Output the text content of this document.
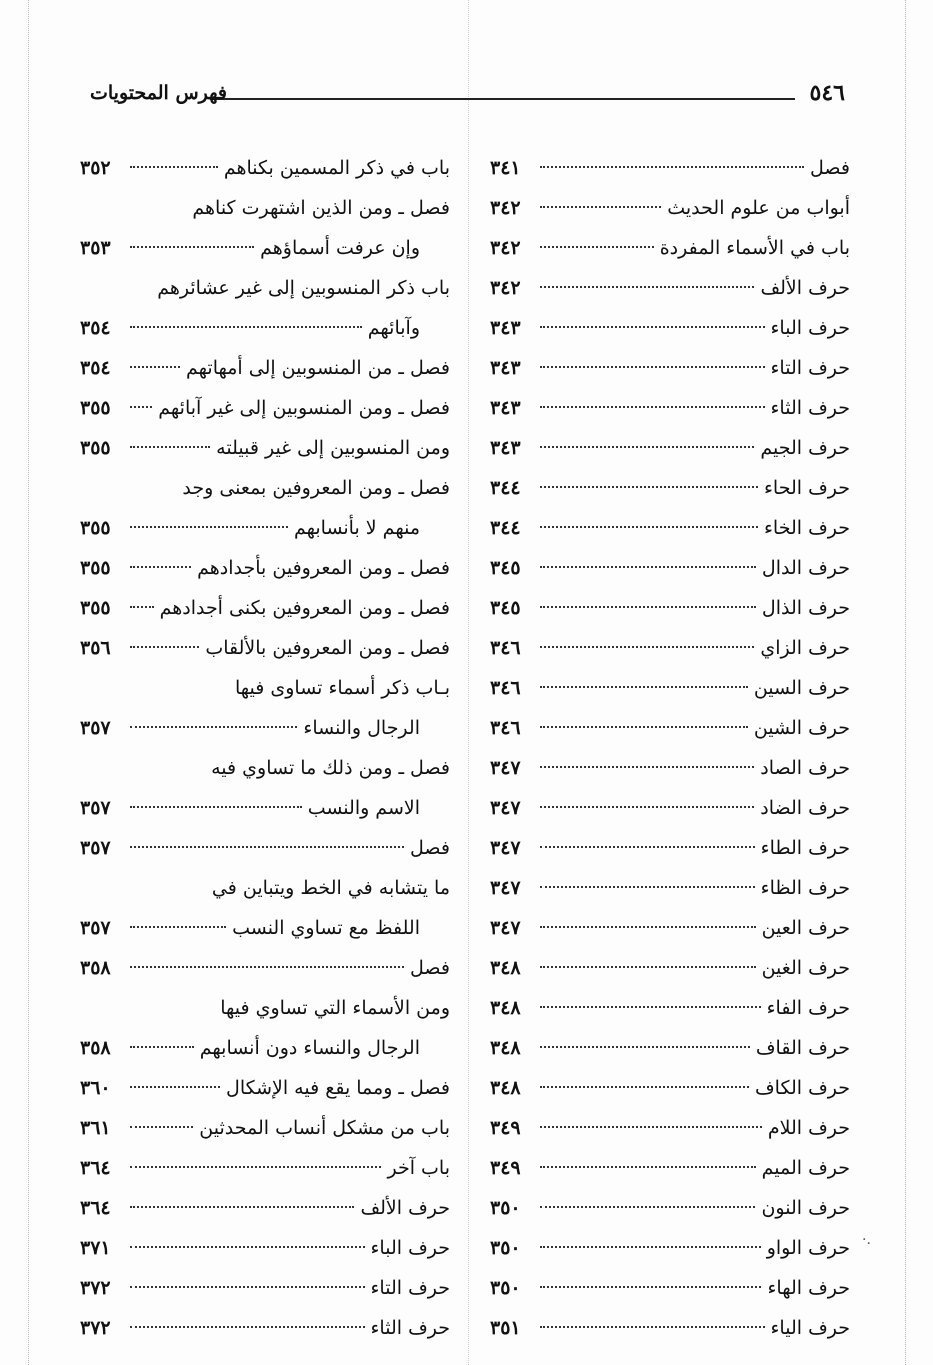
٥٤٦
فهرس المحتويات
فصل
٣٤١
أبواب من علوم الحديث
٣٤٢
باب في الأسماء المفردة
٣٤٢
حرف الألف
٣٤٢
حرف الباء
٣٤٣
حرف التاء
٣٤٣
حرف الثاء
٣٤٣
حرف الجيم
٣٤٣
حرف الحاء
٣٤٤
حرف الخاء
٣٤٤
حرف الدال
٣٤٥
حرف الذال
٣٤٥
حرف الزاي
٣٤٦
حرف السين
٣٤٦
حرف الشين
٣٤٦
حرف الصاد
٣٤٧
حرف الضاد
٣٤٧
حرف الطاء
٣٤٧
حرف الظاء
٣٤٧
حرف العين
٣٤٧
حرف الغين
٣٤٨
حرف الفاء
٣٤٨
حرف القاف
٣٤٨
حرف الكاف
٣٤٨
حرف اللام
٣٤٩
حرف الميم
٣٤٩
حرف النون
٣٥٠
حرف الواو
٣٥٠
حرف الهاء
٣٥٠
حرف الياء
٣٥١
باب في ذكر المسمين بكناهم
٣٥٢
فصل ـ ومن الذين اشتهرت كناهم
وإن عرفت أسماؤهم
٣٥٣
باب ذكر المنسوبين إلى غير عشائرهم
وآبائهم
٣٥٤
فصل ـ من المنسوبين إلى أمهاتهم
٣٥٤
فصل ـ ومن المنسوبين إلى غير آبائهم
٣٥٥
ومن المنسوبين إلى غير قبيلته
٣٥٥
فصل ـ ومن المعروفين بمعنى وجد
منهم لا بأنسابهم
٣٥٥
فصل ـ ومن المعروفين بأجدادهم
٣٥٥
فصل ـ ومن المعروفين بكنى أجدادهم
٣٥٥
فصل ـ ومن المعروفين بالألقاب
٣٥٦
بـاب ذكر أسماء تساوى فيها
الرجال والنساء
٣٥٧
فصل ـ ومن ذلك ما تساوي فيه
الاسم والنسب
٣٥٧
فصل
٣٥٧
ما يتشابه في الخط ويتباين في
اللفظ مع تساوي النسب
٣٥٧
فصل
٣٥٨
ومن الأسماء التي تساوي فيها
الرجال والنساء دون أنسابهم
٣٥٨
فصل ـ ومما يقع فيه الإشكال
٣٦٠
باب من مشكل أنساب المحدثين
٣٦١
باب آخر
٣٦٤
حرف الألف
٣٦٤
حرف الباء
٣٧١
حرف التاء
٣٧٢
حرف الثاء
٣٧٢
·.
